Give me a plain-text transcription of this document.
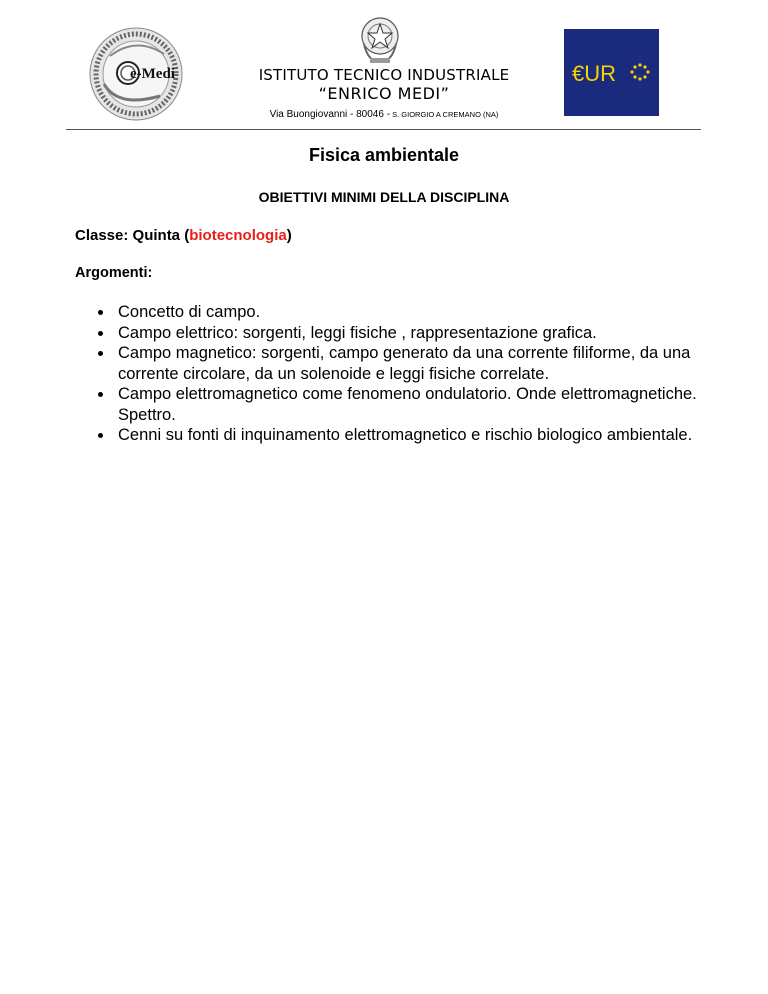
e-Medi	ISTITUTO TECNICO INDUSTRIALE
“ENRICO MEDI”
Via Buongiovanni - 80046 - S. GIORGIO A CREMANO (NA)
€UR
Fisica ambientale
OBIETTIVI MINIMI DELLA DISCIPLINA
Classe: Quinta (biotecnologia)
Argomenti:
Concetto di campo.
Campo elettrico: sorgenti, leggi fisiche , rappresentazione grafica.
Campo magnetico: sorgenti, campo generato da una corrente filiforme, da una corrente circolare, da un solenoide e leggi fisiche correlate.
Campo elettromagnetico come fenomeno ondulatorio. Onde elettromagnetiche. Spettro.
Cenni su fonti di inquinamento elettromagnetico e rischio biologico ambientale.
